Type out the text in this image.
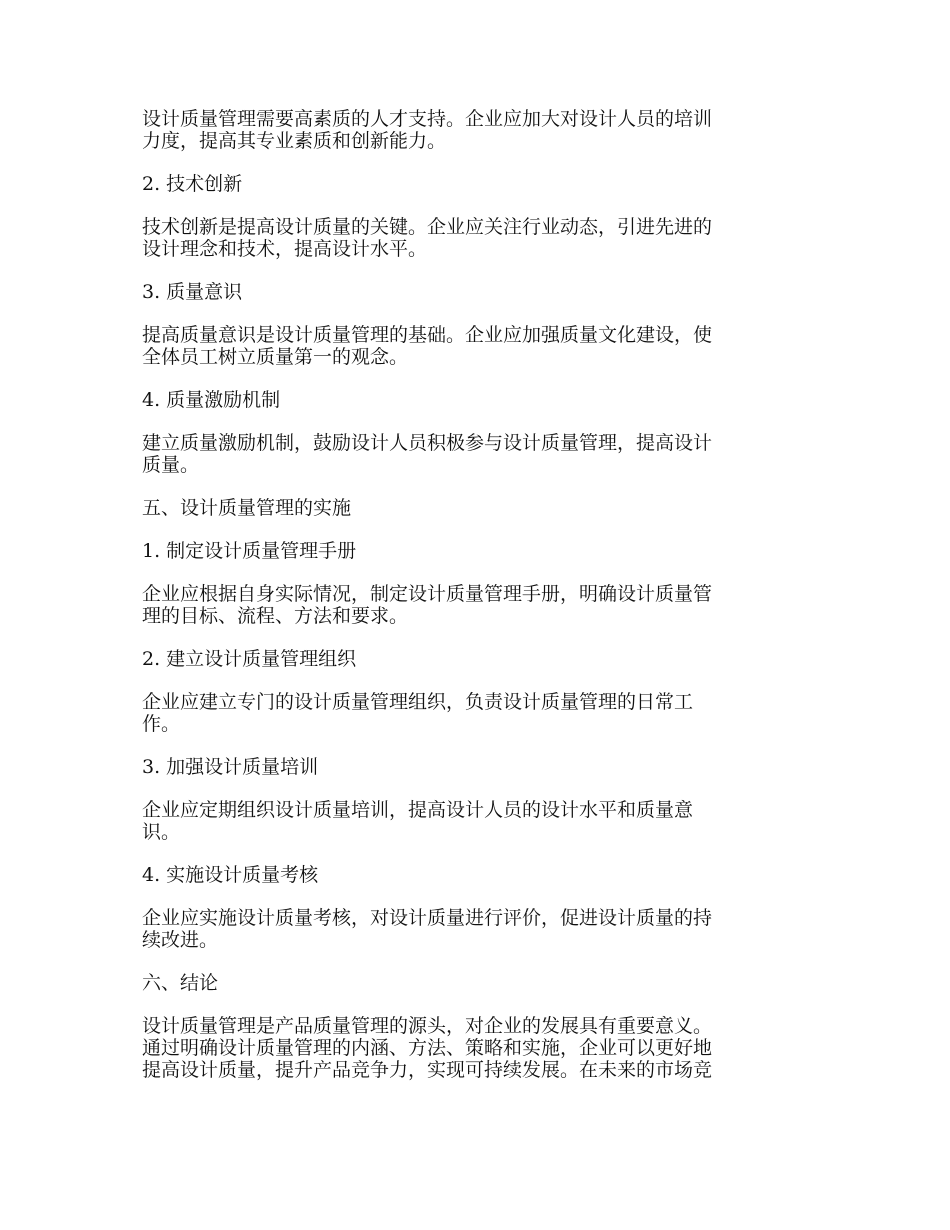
设计质量管理需要高素质的人才支持。企业应加大对设计人员的培训
力度，提高其专业素质和创新能力。

2. 技术创新

技术创新是提高设计质量的关键。企业应关注行业动态，引进先进的
设计理念和技术，提高设计水平。

3. 质量意识

提高质量意识是设计质量管理的基础。企业应加强质量文化建设，使
全体员工树立质量第一的观念。

4. 质量激励机制

建立质量激励机制，鼓励设计人员积极参与设计质量管理，提高设计
质量。

五、设计质量管理的实施

1. 制定设计质量管理手册

企业应根据自身实际情况，制定设计质量管理手册，明确设计质量管
理的目标、流程、方法和要求。

2. 建立设计质量管理组织

企业应建立专门的设计质量管理组织，负责设计质量管理的日常工
作。

3. 加强设计质量培训

企业应定期组织设计质量培训，提高设计人员的设计水平和质量意
识。

4. 实施设计质量考核

企业应实施设计质量考核，对设计质量进行评价，促进设计质量的持
续改进。

六、结论

设计质量管理是产品质量管理的源头，对企业的发展具有重要意义。
通过明确设计质量管理的内涵、方法、策略和实施，企业可以更好地
提高设计质量，提升产品竞争力，实现可持续发展。在未来的市场竞
